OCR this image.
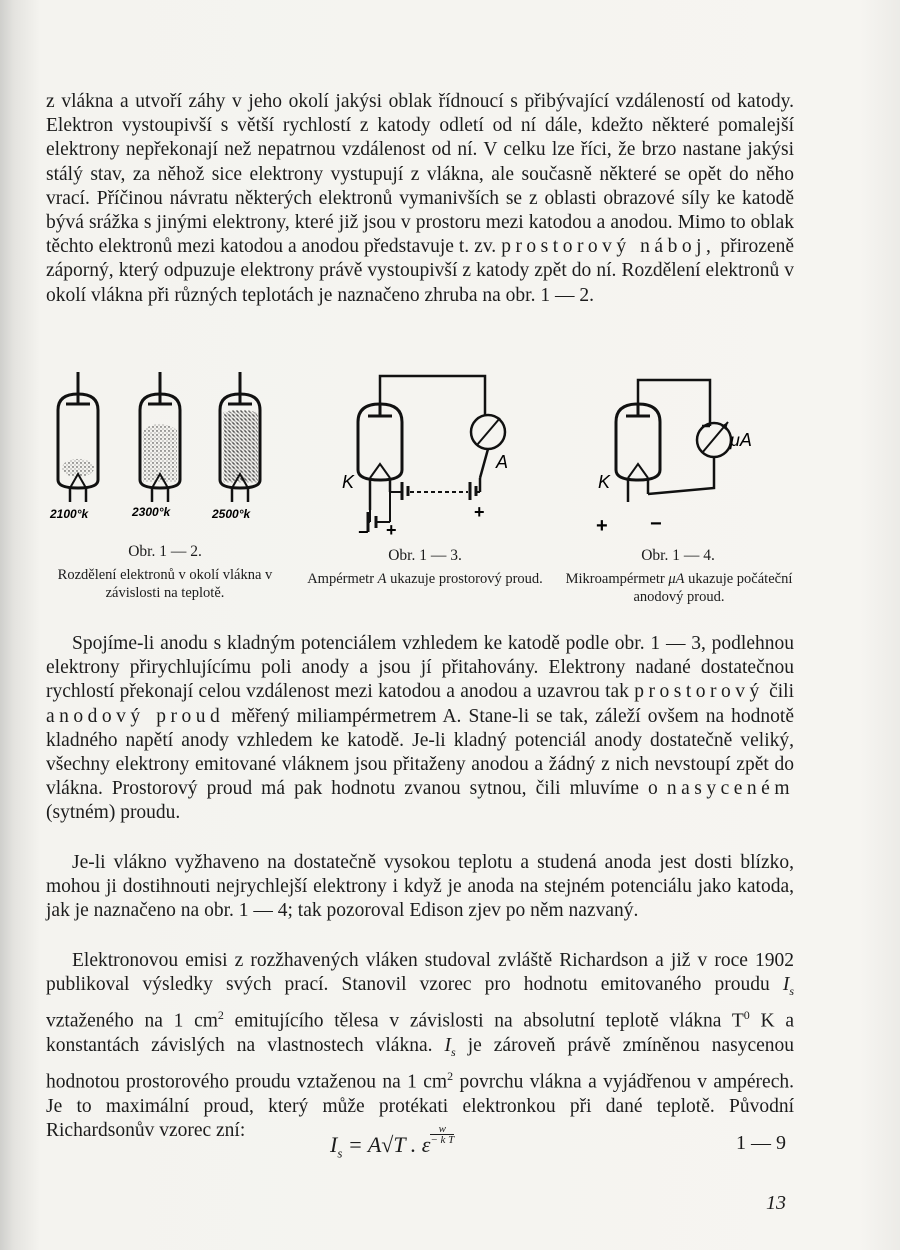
z vlákna a utvoří záhy v jeho okolí jakýsi oblak řídnoucí s přibývající vzdáleností od katody. Elektron vystoupivší s větší rychlostí z katody odletí od ní dále, kdežto některé pomalejší elektrony nepřekonají než nepatrnou vzdálenost od ní. V celku lze říci, že brzo nastane jakýsi stálý stav, za něhož sice elektrony vystupují z vlákna, ale současně některé se opět do něho vrací. Příčinou návratu některých elektronů vymanivších se z oblasti obrazové síly ke katodě bývá srážka s jinými elektrony, které již jsou v prostoru mezi katodou a anodou. Mimo to oblak těchto elektronů mezi katodou a anodou představuje t. zv. prostorový náboj, přirozeně záporný, který odpuzuje elektrony právě vystoupivší z katody zpět do ní. Rozdělení elektronů v okolí vlákna při různých teplotách je naznačeno zhruba na obr. 1 — 2.
2100°k	2300°k	2500°k
A
+
− +
K
μA
K
+ −
Obr. 1 — 2.
Rozdělení elektronů v okolí vlákna v závislosti na teplotě.
Obr. 1 — 3.
Ampérmetr A ukazuje prostorový proud.
Obr. 1 — 4.
Mikroampérmetr μA ukazuje počáteční anodový proud.
Spojíme-li anodu s kladným potenciálem vzhledem ke katodě podle obr. 1 — 3, podlehnou elektrony přirychlujícímu poli anody a jsou jí přitahovány. Elektrony nadané dostatečnou rychlostí překonají celou vzdálenost mezi katodou a anodou a uzavrou tak prostorový čili anodový proud měřený miliampérmetrem A. Stane-li se tak, záleží ovšem na hodnotě kladného napětí anody vzhledem ke katodě. Je-li kladný potenciál anody dostatečně veliký, všechny elektrony emitované vláknem jsou přitaženy anodou a žádný z nich nevstoupí zpět do vlákna. Prostorový proud má pak hodnotu zvanou sytnou, čili mluvíme o nasyceném (sytném) proudu.
Je-li vlákno vyžhaveno na dostatečně vysokou teplotu a studená anoda jest dosti blízko, mohou ji dostihnouti nejrychlejší elektrony i když je anoda na stejném potenciálu jako katoda, jak je naznačeno na obr. 1 — 4; tak pozoroval Edison zjev po něm nazvaný.
Elektronovou emisi z rozžhavených vláken studoval zvláště Richardson a již v roce 1902 publikoval výsledky svých prací. Stanovil vzorec pro hodnotu emitovaného proudu $I_s$ vztaženého na 1 $cm^2$ emitujícího tělesa v závislosti na absolutní teplotě vlákna $T^0$ K a konstantách závislých na vlastnostech vlákna. $I_s$ je zároveň právě zmíněnou nasycenou hodnotou prostorového proudu vztaženou na 1 $cm^2$ povrchu vlákna a vyjádřenou v ampérech. Je to maximální proud, který může protékati elektronkou při dané teplotě. Původní Richardsonův vzorec zní:
$I_s = A√T$ . ε $\frac{w}{\text{− k T}}$	1 — 9
13
